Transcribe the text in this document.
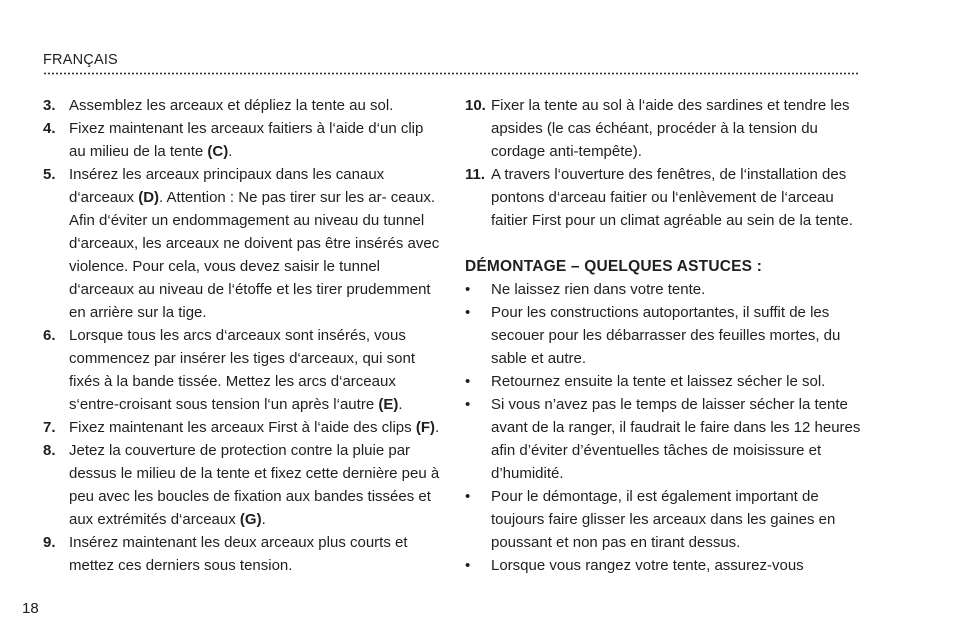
FRANÇAIS
3. Assemblez les arceaux et dépliez la tente au sol.
4. Fixez maintenant les arceaux faitiers à l‘aide d‘un clip au milieu de la tente (C).
5. Insérez les arceaux principaux dans les canaux d‘arceaux (D). Attention : Ne pas tirer sur les ar- ceaux. Afin d‘éviter un endommagement au niveau du tunnel d‘arceaux, les arceaux ne doivent pas être insérés avec violence. Pour cela, vous devez saisir le tunnel d‘arceaux au niveau de l‘étoffe et les tirer prudemment en arrière sur la tige.
6. Lorsque tous les arcs d‘arceaux sont insérés, vous commencez par insérer les tiges d‘arceaux, qui sont fixés à la bande tissée. Mettez les arcs d‘arceaux s‘entre-croisant sous tension l‘un après l‘autre (E).
7. Fixez maintenant les arceaux First à l‘aide des clips (F).
8. Jetez la couverture de protection contre la pluie par dessus le milieu de la tente et fixez cette dernière peu à peu avec les boucles de fixation aux bandes tissées et aux extrémités d‘arceaux (G).
9. Insérez maintenant les deux arceaux plus courts et mettez ces derniers sous tension.
10. Fixer la tente au sol à l‘aide des sardines et tendre les apsides (le cas échéant, procéder à la tension du cordage anti-tempête).
11. A travers l‘ouverture des fenêtres, de l‘installation des pontons d‘arceau faitier ou l‘enlèvement de l‘arceau faitier First pour un climat agréable au sein de la tente.
DÉMONTAGE – QUELQUES ASTUCES :
•	Ne laissez rien dans votre tente.
•	Pour les constructions autoportantes, il suffit de les secouer pour les débarrasser des feuilles mortes, du sable et autre.
•	Retournez ensuite la tente et laissez sécher le sol.
•	Si vous n’avez pas le temps de laisser sécher la tente avant de la ranger, il faudrait le faire dans les 12 heures afin d’éviter d’éventuelles tâches de moisissure et d’humidité.
•	Pour le démontage, il est également important de toujours faire glisser les arceaux dans les gaines en poussant et non pas en tirant dessus.
•	Lorsque vous rangez votre tente, assurez-vous
18
